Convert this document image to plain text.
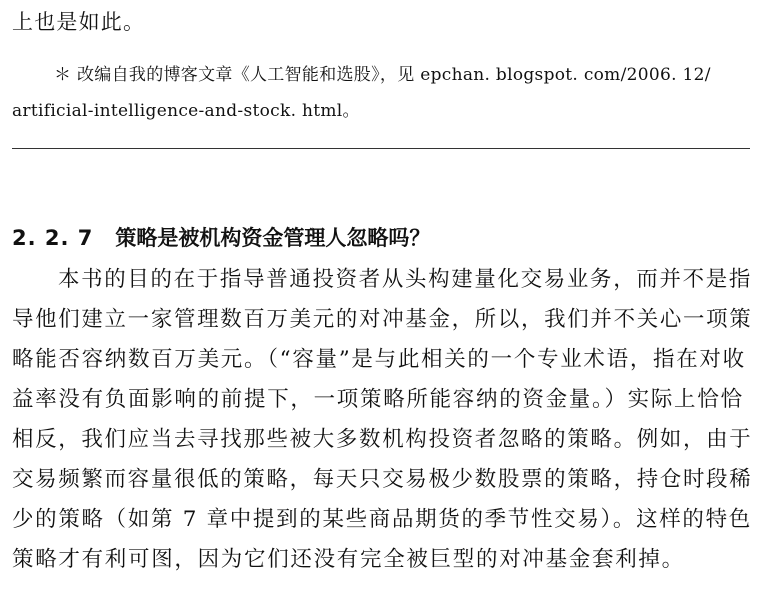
上也是如此。
＊ 改编自我的博客文章《人工智能和选股》，见 epchan. blogspot. com/2006. 12/
artificial-intelligence-and-stock. html。
2. 2. 7 策略是被机构资金管理人忽略吗？
本书的目的在于指导普通投资者从头构建量化交易业务，而并不是指
导他们建立一家管理数百万美元的对冲基金，所以，我们并不关心一项策
略能否容纳数百万美元。（“容量”是与此相关的一个专业术语，指在对收
益率没有负面影响的前提下，一项策略所能容纳的资金量。）实际上恰恰
相反，我们应当去寻找那些被大多数机构投资者忽略的策略。例如，由于
交易频繁而容量很低的策略，每天只交易极少数股票的策略，持仓时段稀
少的策略（如第 7 章中提到的某些商品期货的季节性交易）。这样的特色
策略才有利可图，因为它们还没有完全被巨型的对冲基金套利掉。
